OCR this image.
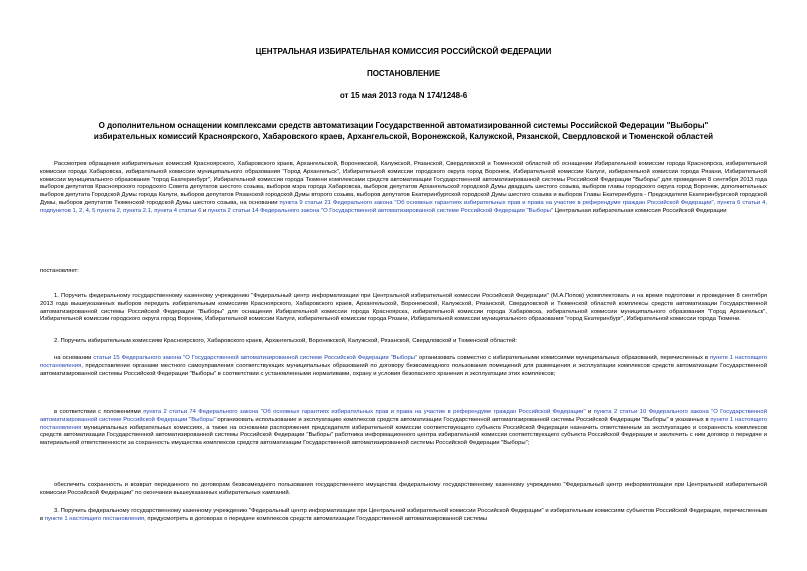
ЦЕНТРАЛЬНАЯ ИЗБИРАТЕЛЬНАЯ КОМИССИЯ РОССИЙСКОЙ ФЕДЕРАЦИИ
ПОСТАНОВЛЕНИЕ
от 15 мая 2013 года N 174/1248-6
О дополнительном оснащении комплексами средств автоматизации Государственной автоматизированной системы Российской Федерации "Выборы"
избирательных комиссий Красноярского, Хабаровского краев, Архангельской, Воронежской, Калужской, Рязанской, Свердловской и Тюменской областей
Рассмотрев обращения избирательных комиссий Красноярского, Хабаровского краев, Архангельской, Воронежской, Калужской, Рязанской, Свердловской и Тюменской областей об оснащении Избирательной комиссии города Красноярска, избирательной комиссии города Хабаровска, избирательной комиссии муниципального образования "Город Архангельск", Избирательной комиссии городского округа город Воронеж, Избирательной комиссии Калуги, избирательной комиссии города Рязани, Избирательной комиссии муниципального образования "город Екатеринбург", Избирательной комиссии города Тюмени комплексами средств автоматизации Государственной автоматизированной системы Российской Федерации "Выборы" для проведения 8 сентября 2013 года выборов депутатов Красноярского городского Совета депутатов шестого созыва, выборов мэра города Хабаровска, выборов депутатов Архангельской городской Думы двадцать шестого созыва, выборов главы городского округа город Воронеж, дополнительных выборов депутата Городской Думы города Калуги, выборов депутатов Рязанской городской Думы второго созыва, выборов депутатов Екатеринбургской городской Думы шестого созыва и выборов Главы Екатеринбурга - Председателя Екатеринбургской городской Думы, выборов депутатов Тюменской городской Думы шестого созыва, на основании пункта 9 статьи 21 Федерального закона "Об основных гарантиях избирательных прав и права на участие в референдуме граждан Российской Федерации", пункта 6 статьи 4, подпунктов 1, 2, 4, 5 пункта 2, пункта 2.1, пункта 4 статьи 6 и пункта 2 статьи 14 Федерального закона "О Государственной автоматизированной системе Российской Федерации "Выборы" Центральная избирательная комиссия Российской Федерации
постановляет:
1. Поручить федеральному государственному казенному учреждению "Федеральный центр информатизации при Центральной избирательной комиссии Российской Федерации" (М.А.Попов) укомплектовать и на время подготовки и проведения 8 сентября 2013 года вышеуказанных выборов передать избирательным комиссиям Красноярского, Хабаровского краев, Архангельской, Воронежской, Калужской, Рязанской, Свердловской и Тюменской областей комплексы средств автоматизации Государственной автоматизированной системы Российской Федерации "Выборы" для оснащения Избирательной комиссии города Красноярска, избирательной комиссии города Хабаровска, избирательной комиссии муниципального образования "Город Архангельск", Избирательной комиссии городского округа город Воронеж, Избирательной комиссии Калуги, избирательной комиссии города Рязани, Избирательной комиссии муниципального образования "город Екатеринбург", Избирательной комиссии города Тюмени.
2. Поручить избирательным комиссиям Красноярского, Хабаровского краев, Архангельской, Воронежской, Калужской, Рязанской, Свердловской и Тюменской областей:
на основании статьи 15 Федерального закона "О Государственной автоматизированной системе Российской Федерации "Выборы" организовать совместно с избирательными комиссиями муниципальных образований, перечисленных в пункте 1 настоящего постановления, предоставление органами местного самоуправления соответствующих муниципальных образований по договору безвозмездного пользования помещений для размещения и эксплуатации комплексов средств автоматизации Государственной автоматизированной системы Российской Федерации "Выборы" в соответствии с установленными нормативами, охрану и условия безопасного хранения и эксплуатации этих комплексов;
в соответствии с положениями пункта 2 статьи 74 Федерального закона "Об основных гарантиях избирательных прав и права на участие в референдуме граждан Российской Федерации" и пункта 2 статьи 10 Федерального закона "О Государственной автоматизированной системе Российской Федерации "Выборы" организовать использование и эксплуатацию комплексов средств автоматизации Государственной автоматизированной системы Российской Федерации "Выборы" в указанных в пункте 1 настоящего постановления муниципальных избирательных комиссиях, а также на основании распоряжения председателя избирательной комиссии соответствующего субъекта Российской Федерации назначить ответственным за эксплуатацию и сохранность комплексов средств автоматизации Государственной автоматизированной системы Российской Федерации "Выборы" работника информационного центра избирательной комиссии соответствующего субъекта Российской Федерации и заключить с ним договор о передаче и материальной ответственности за сохранность имущества комплексов средств автоматизации Государственной автоматизированной системы Российской Федерации "Выборы";
обеспечить сохранность и возврат переданного по договорам безвозмездного пользования государственного имущества федеральному государственному казенному учреждению "Федеральный центр информатизации при Центральной избирательной комиссии Российской Федерации" по окончании вышеуказанных избирательных кампаний.
3. Поручить федеральному государственному казенному учреждению "Федеральный центр информатизации при Центральной избирательной комиссии Российской Федерации" и избирательным комиссиям субъектов Российской Федерации, перечисленным в пункте 1 настоящего постановления, предусмотреть в договорах о передаче комплексов средств автоматизации Государственной автоматизированной системы
